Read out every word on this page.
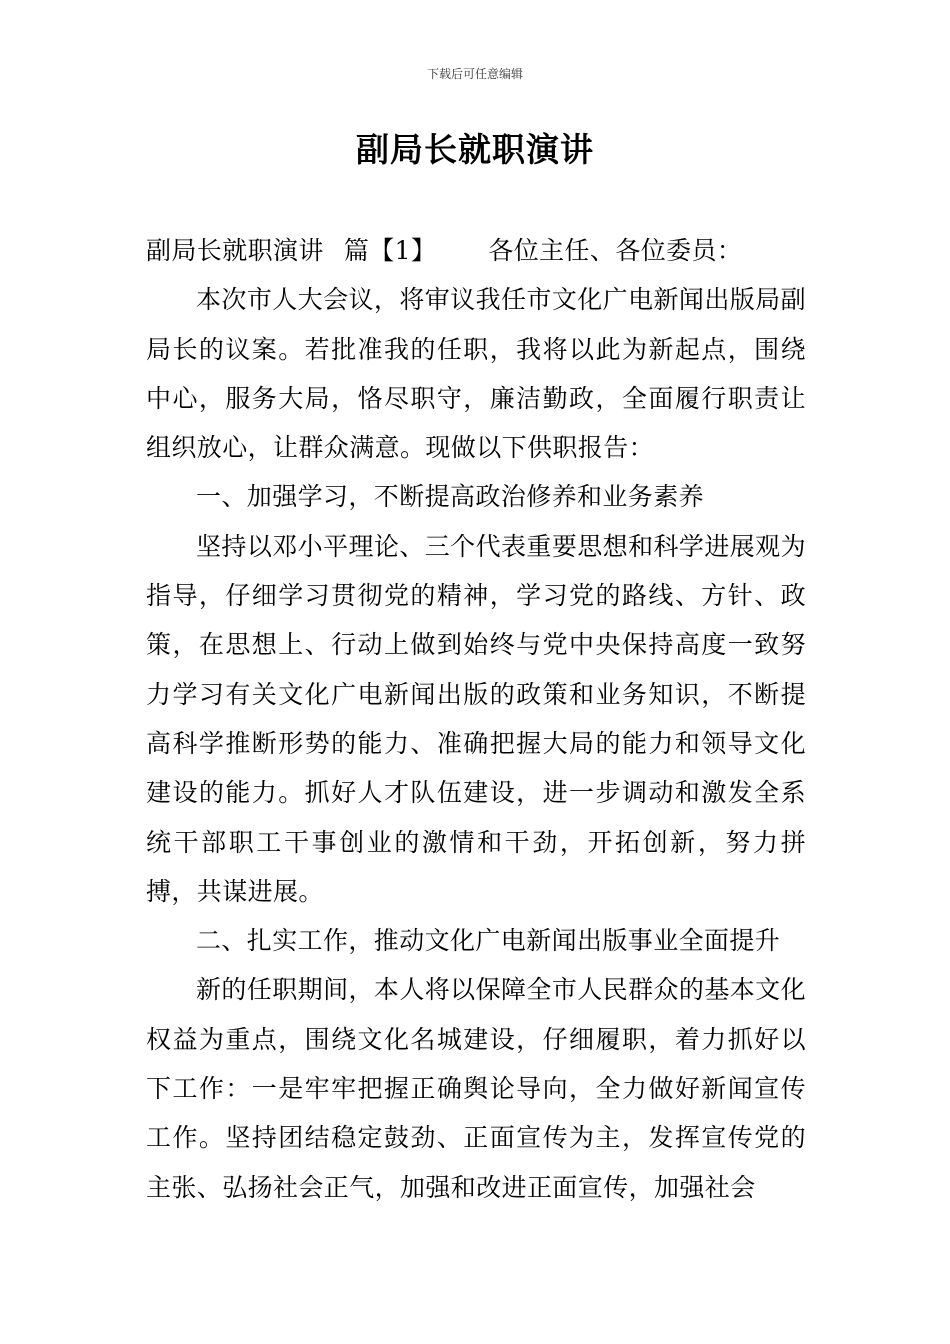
下载后可任意编辑
副局长就职演讲

副局长就职演讲 篇【1】 各位主任、各位委员：

本次市人大会议，将审议我任市文化广电新闻出版局副局长的议案。若批准我的任职，我将以此为新起点，围绕中心，服务大局，恪尽职守，廉洁勤政，全面履行职责让组织放心，让群众满意。现做以下供职报告：

一、加强学习，不断提高政治修养和业务素养

坚持以邓小平理论、三个代表重要思想和科学进展观为指导，仔细学习贯彻党的精神，学习党的路线、方针、政策，在思想上、行动上做到始终与党中央保持高度一致努力学习有关文化广电新闻出版的政策和业务知识，不断提高科学推断形势的能力、准确把握大局的能力和领导文化建设的能力。抓好人才队伍建设，进一步调动和激发全系统干部职工干事创业的激情和干劲，开拓创新，努力拼搏，共谋进展。

二、扎实工作，推动文化广电新闻出版事业全面提升

新的任职期间，本人将以保障全市人民群众的基本文化权益为重点，围绕文化名城建设，仔细履职，着力抓好以下工作：一是牢牢把握正确舆论导向，全力做好新闻宣传工作。坚持团结稳定鼓劲、正面宣传为主，发挥宣传党的主张、弘扬社会正气，加强和改进正面宣传，加强社会
